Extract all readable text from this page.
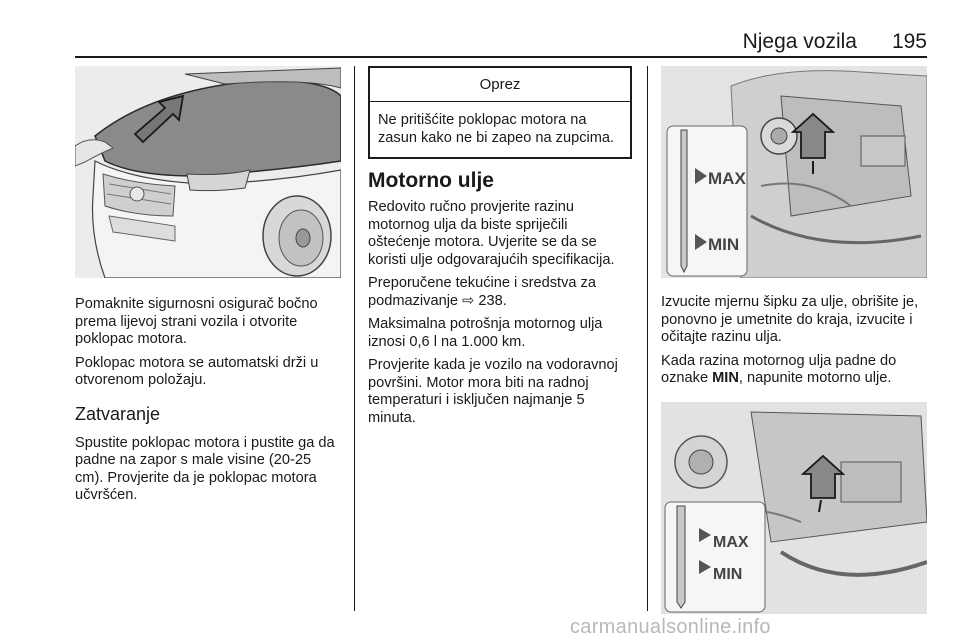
Njega vozila 195

Pomaknite sigurnosni osigurač bočno prema lijevoj strani vozila i otvorite poklopac motora.

Poklopac motora se automatski drži u otvorenom položaju.

Zatvaranje

Spustite poklopac motora i pustite ga da padne na zapor s male visine (20-25 cm). Provjerite da je poklopac motora učvršćen.

Oprez

Ne pritišćite poklopac motora na zasun kako ne bi zapeo na zupcima.

Motorno ulje

Redovito ručno provjerite razinu motornog ulja da biste spriječili oštećenje motora. Uvjerite se da se koristi ulje odgovarajućih specifikacija.

Preporučene tekućine i sredstva za podmazivanje ⇨ 238.

Maksimalna potrošnja motornog ulja iznosi 0,6 l na 1.000 km.

Provjerite kada je vozilo na vodoravnoj površini. Motor mora biti na radnoj temperaturi i isključen najmanje 5 minuta.

MAX
MIN

Izvucite mjernu šipku za ulje, obrišite je, ponovno je umetnite do kraja, izvucite i očitajte razinu ulja.

Kada razina motornog ulja padne do oznake MIN, napunite motorno ulje.

MAX
MIN
carmanualsonline.info
